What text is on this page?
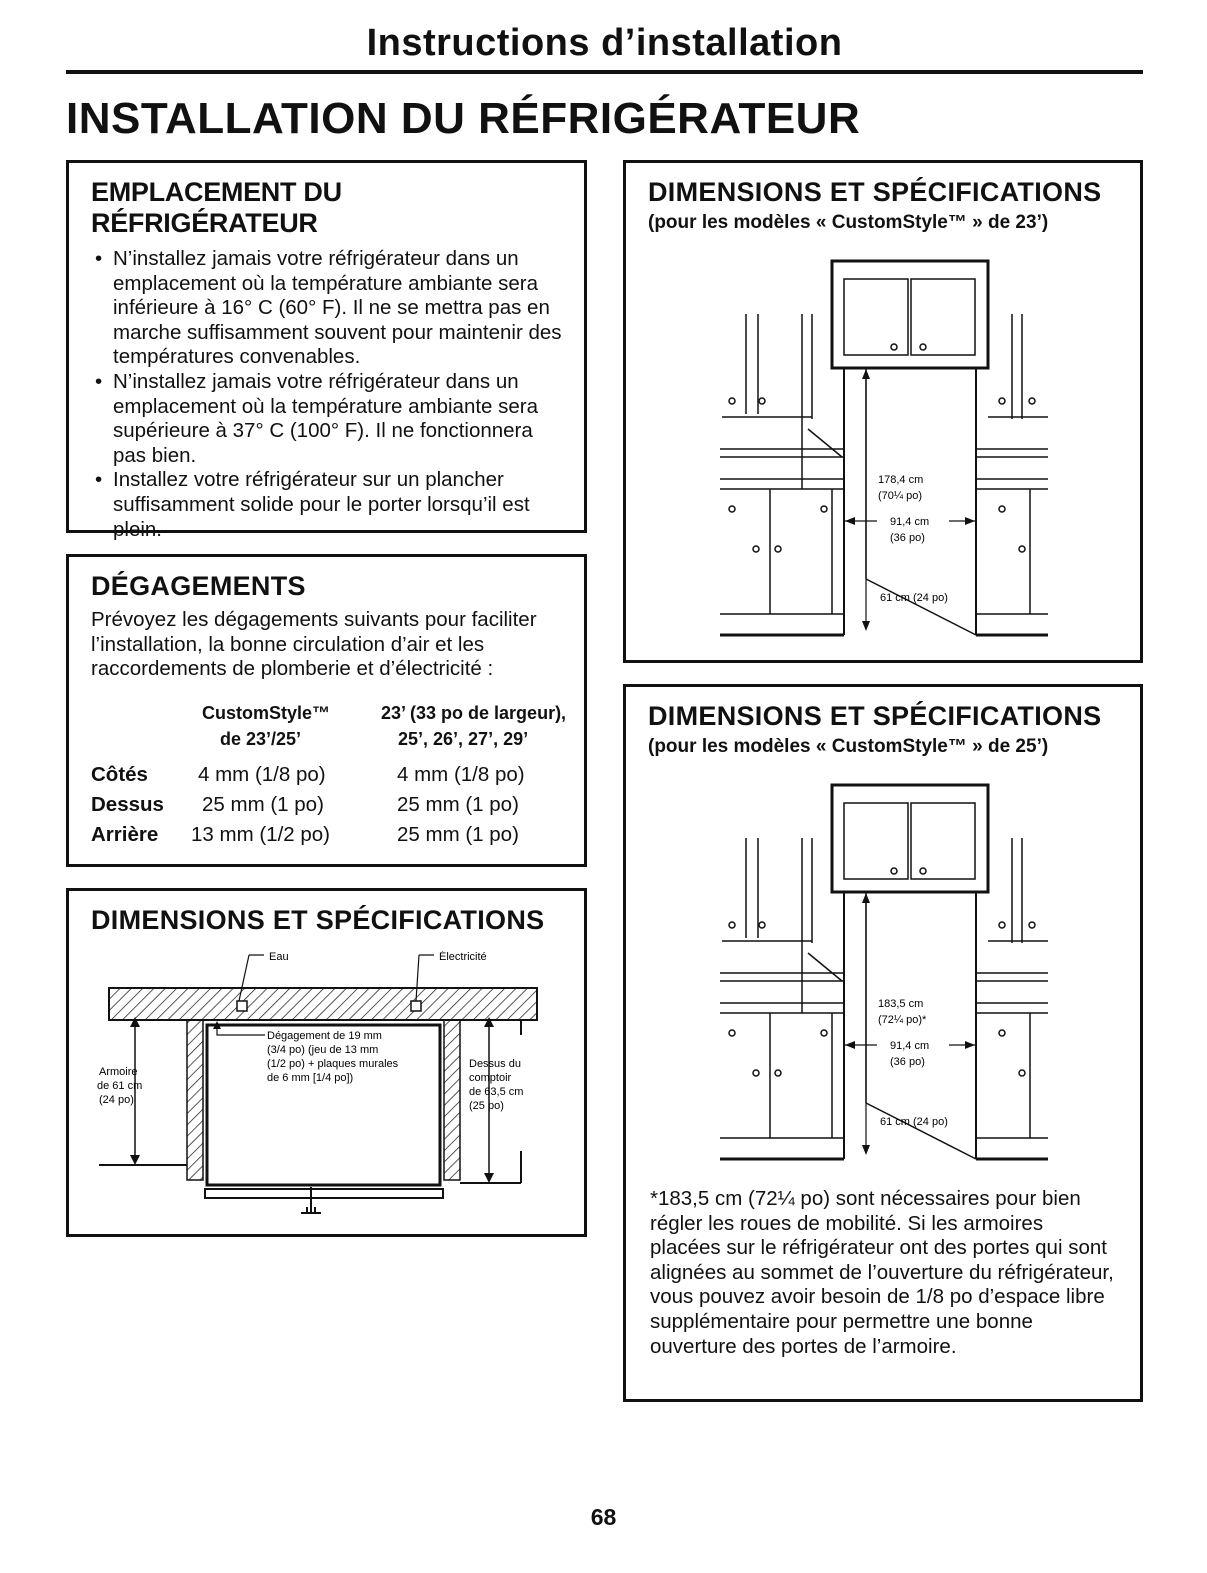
Instructions d’installation
INSTALLATION DU RÉFRIGÉRATEUR
EMPLACEMENT DU RÉFRIGÉRATEUR
• N’installez jamais votre réfrigérateur dans un emplacement où la température ambiante sera inférieure à 16° C (60° F). Il ne se mettra pas en marche suffisamment souvent pour maintenir des températures convenables.
• N’installez jamais votre réfrigérateur dans un emplacement où la température ambiante sera supérieure à 37° C (100° F). Il ne fonctionnera pas bien.
• Installez votre réfrigérateur sur un plancher suffisamment solide pour le porter lorsqu’il est plein.
DÉGAGEMENTS
Prévoyez les dégagements suivants pour faciliter l’installation, la bonne circulation d’air et les raccordements de plomberie et d’électricité :
CustomStyle™
de 23’/25’
23’ (33 po de largeur),
25’, 26’, 27’, 29’
Côtés 4 mm (1/8 po)	4 mm (1/8 po)
Dessus 25 mm (1 po)	25 mm (1 po)
Arrière 13 mm (1/2 po)	25 mm (1 po)
DIMENSIONS ET SPÉCIFICATIONS
Eau	Électricité
Dégagement de 19 mm
(3/4 po) (jeu de 13 mm
(1/2 po) + plaques murales
de 6 mm [1/4 po])
Armoire
de 61 cm
(24 po)
Dessus du
comptoir
de 63,5 cm
(25 po)
DIMENSIONS ET SPÉCIFICATIONS
(pour les modèles « CustomStyle™ » de 23’)
178,4 cm
(70¼ po)
91,4 cm
(36 po)
61 cm (24 po)
DIMENSIONS ET SPÉCIFICATIONS
(pour les modèles « CustomStyle™ » de 25’)
183,5 cm
(72¼ po)*
91,4 cm
(36 po)
61 cm (24 po)
*183,5 cm (72¼ po) sont nécessaires pour bien régler les roues de mobilité. Si les armoires placées sur le réfrigérateur ont des portes qui sont alignées au sommet de l’ouverture du réfrigérateur, vous pouvez avoir besoin de 1/8 po d’espace libre supplémentaire pour permettre une bonne ouverture des portes de l’armoire.
68
